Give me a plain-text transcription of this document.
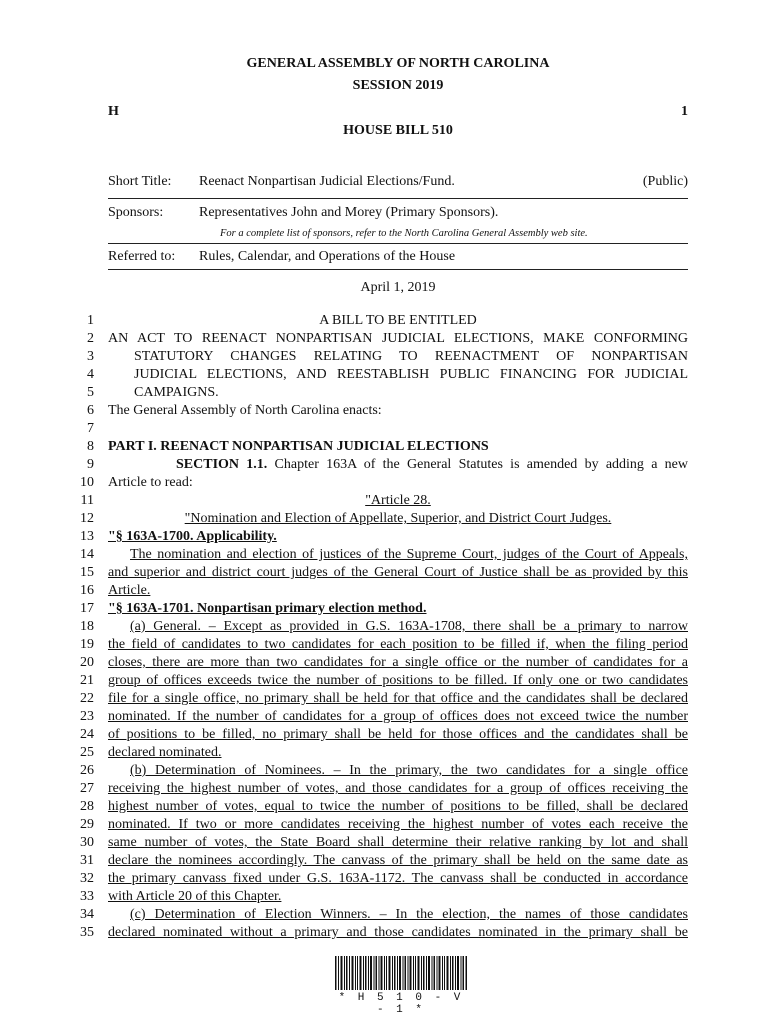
GENERAL ASSEMBLY OF NORTH CAROLINA
SESSION 2019
H	1
HOUSE BILL 510
Short Title: Reenact Nonpartisan Judicial Elections/Fund.	(Public)
Sponsors:	Representatives John and Morey (Primary Sponsors).
For a complete list of sponsors, refer to the North Carolina General Assembly web site.
Referred to: Rules, Calendar, and Operations of the House
April 1, 2019
1
2
3
4
5
6
7
8
9
10
11
12
13
14
15
16
17
18
19
20
21
22
23
24
25
26
27
28
29
30
31
32
33
34
35
A BILL TO BE ENTITLED
AN ACT TO REENACT NONPARTISAN JUDICIAL ELECTIONS, MAKE CONFORMING
STATUTORY CHANGES RELATING TO REENACTMENT OF NONPARTISAN
JUDICIAL ELECTIONS, AND REESTABLISH PUBLIC FINANCING FOR JUDICIAL
CAMPAIGNS.
The General Assembly of North Carolina enacts:
PART I. REENACT NONPARTISAN JUDICIAL ELECTIONS
SECTION 1.1. Chapter 163A of the General Statutes is amended by adding a new
Article to read:
"Article 28.
"Nomination and Election of Appellate, Superior, and District Court Judges.
"§ 163A-1700. Applicability.
The nomination and election of justices of the Supreme Court, judges of the Court of Appeals,
and superior and district court judges of the General Court of Justice shall be as provided by this
Article.
"§ 163A-1701. Nonpartisan primary election method.
(a) General. – Except as provided in G.S. 163A-1708, there shall be a primary to narrow
the field of candidates to two candidates for each position to be filled if, when the filing period
closes, there are more than two candidates for a single office or the number of candidates for a
group of offices exceeds twice the number of positions to be filled. If only one or two candidates
file for a single office, no primary shall be held for that office and the candidates shall be declared
nominated. If the number of candidates for a group of offices does not exceed twice the number
of positions to be filled, no primary shall be held for those offices and the candidates shall be
declared nominated.
(b) Determination of Nominees. – In the primary, the two candidates for a single office
receiving the highest number of votes, and those candidates for a group of offices receiving the
highest number of votes, equal to twice the number of positions to be filled, shall be declared
nominated. If two or more candidates receiving the highest number of votes each receive the
same number of votes, the State Board shall determine their relative ranking by lot and shall
declare the nominees accordingly. The canvass of the primary shall be held on the same date as
the primary canvass fixed under G.S. 163A-1172. The canvass shall be conducted in accordance
with Article 20 of this Chapter.
(c) Determination of Election Winners. – In the election, the names of those candidates
declared nominated without a primary and those candidates nominated in the primary shall be
* H 5 1 0 - V - 1 *
